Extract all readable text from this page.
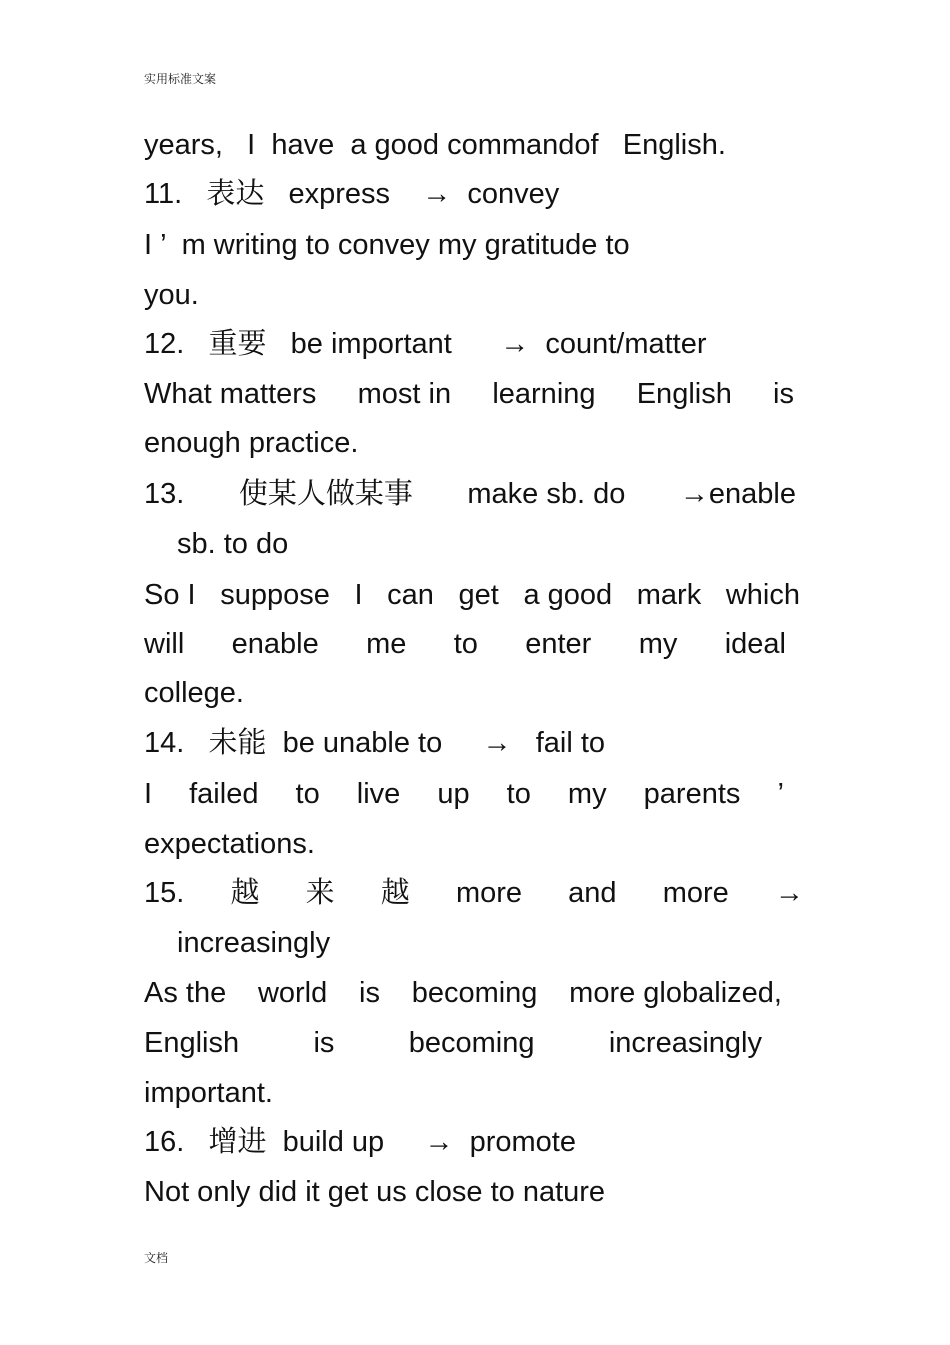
实用标准文案
years,   I  have  a good commandof   English.
11.   表达   express    →  convey
I ’  m writing to convey my gratitude to
you.
12.   重要   be important      →  count/matter
What matters most in learning English is
enough practice.
13. 使某人做某事 make sb. do →enable
sb. to do
So I suppose I can get a good mark which
will enable me to enter my ideal
college.
14.   未能  be unable to     →   fail to
I failed to live up to my parents ’
expectations.
15. 越 来 越 more and more →
increasingly
As the world is becoming more globalized,
English	is	becoming	increasingly
important.
16.   增进  build up     →  promote
Not only did it get us close to nature
文档
